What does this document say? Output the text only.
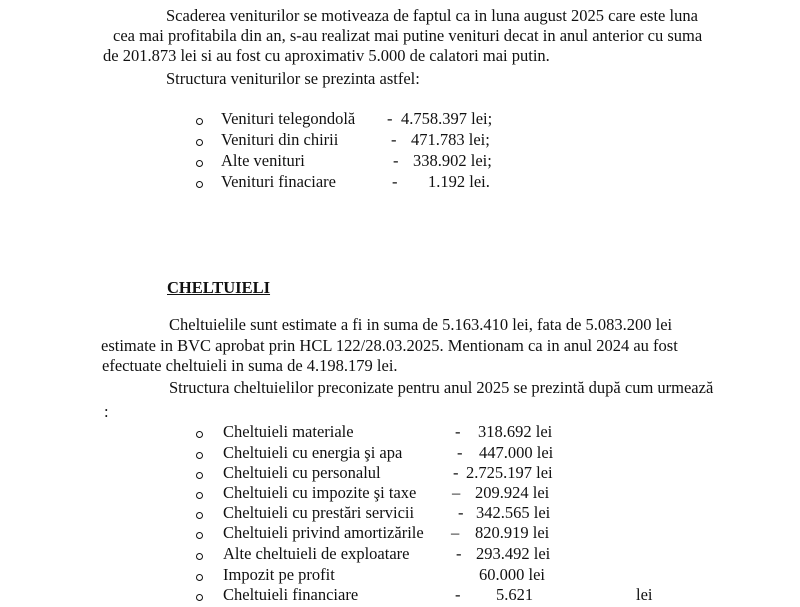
Scaderea veniturilor se motiveaza de faptul ca in luna august 2025 care este luna
cea mai profitabila din an, s-au realizat mai putine venituri decat in anul anterior cu suma
de 201.873 lei si au fost cu aproximativ 5.000 de calatori mai putin.
Structura veniturilor se prezinta astfel:
Venituri telegondolă - 4.758.397 lei;
Venituri din chirii	- 471.783 lei;
Alte venituri	- 338.902 lei;
Venituri finaciare	- 1.192 lei.
CHELTUIELI
Cheltuielile sunt estimate a fi in suma de 5.163.410 lei, fata de 5.083.200 lei
estimate in BVC aprobat prin HCL 122/28.03.2025. Mentionam ca in anul 2024 au fost
efectuate cheltuieli in suma de 4.198.179 lei.
Structura cheltuielilor preconizate pentru anul 2025 se prezintă după cum urmează
:
Cheltuieli materiale	- 318.692 lei
Cheltuieli cu energia şi apa	- 447.000 lei
Cheltuieli cu personalul	- 2.725.197 lei
Cheltuieli cu impozite şi taxe – 209.924 lei
Cheltuieli cu prestări servicii	- 342.565 lei
Cheltuieli privind amortizările – 820.919 lei
Alte cheltuieli de exploatare	- 293.492 lei
Impozit pe profit	60.000 lei
Cheltuieli financiare	- 5.621	lei
